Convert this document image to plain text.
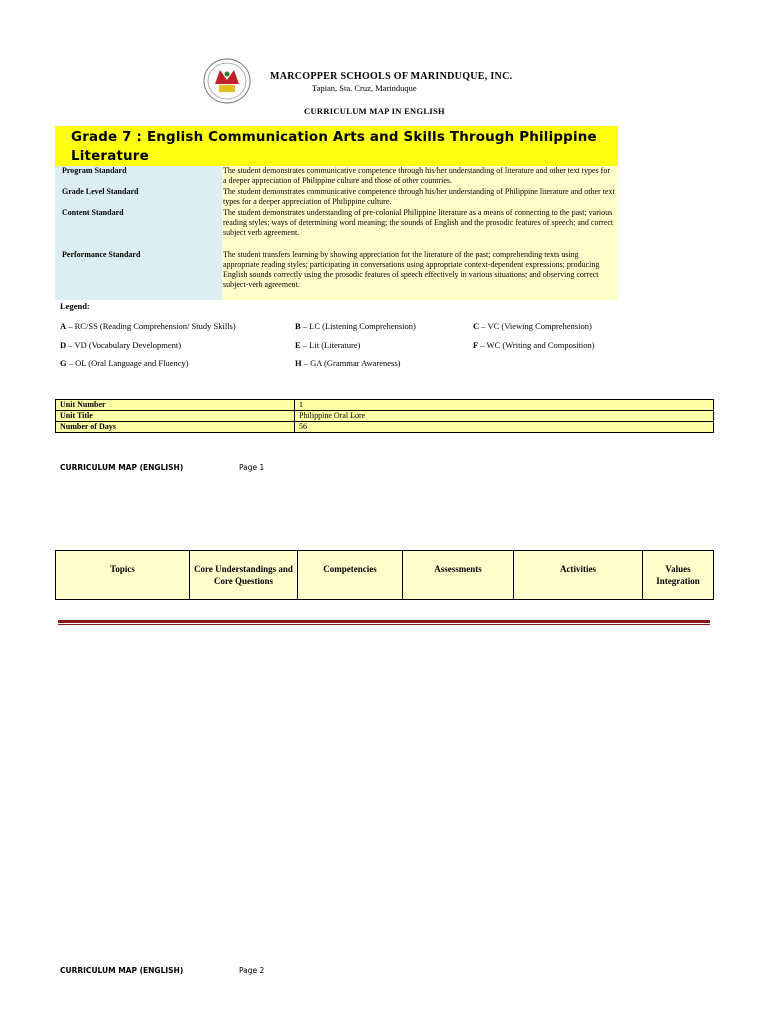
MARCOPPER SCHOOLS OF MARINDUQUE, INC.
Tapian, Sta. Cruz, Marinduque
CURRICULUM MAP IN ENGLISH
Grade 7 : English Communication Arts and Skills Through Philippine Literature
Program Standard	The student demonstrates communicative competence through his/her understanding of literature and other text types for a deeper appreciation of Philippine culture and those of other countries.
Grade Level Standard	The student demonstrates communicative competence through his/her understanding of Philippine literature and other text types for a deeper appreciation of Philippine culture.
Content Standard	The student demonstrates understanding of pre-colonial Philippine literature as a means of connecting to the past; various reading styles; ways of determining word meaning; the sounds of English and the prosodic features of speech; and correct subject verb agreement.
Performance Standard	The student transfers learning by showing appreciation for the literature of the past; comprehending texts using appropriate reading styles; participating in conversations using appropriate context-dependent expressions; producing English sounds correctly using the prosodic features of speech effectively in various situations; and observing correct subject-verb agreement.
Legend:
A – RC/SS (Reading Comprehension/ Study Skills)	B – LC (Listening Comprehension)	C – VC (Viewing Comprehension)
D – VD (Vocabulary Development)	E – Lit (Literature)	F – WC (Writing and Composition)
G – OL (Oral Language and Fluency)	H – GA (Grammar Awareness)
Unit Number	1
Unit Title	Philippine Oral Lore
Number of Days	56
CURRICULUM MAP (ENGLISH)	Page 1
Topics	Core Understandings and Core Questions	Competencies	Assessments	Activities	Values Integration
CURRICULUM MAP (ENGLISH)	Page 2
